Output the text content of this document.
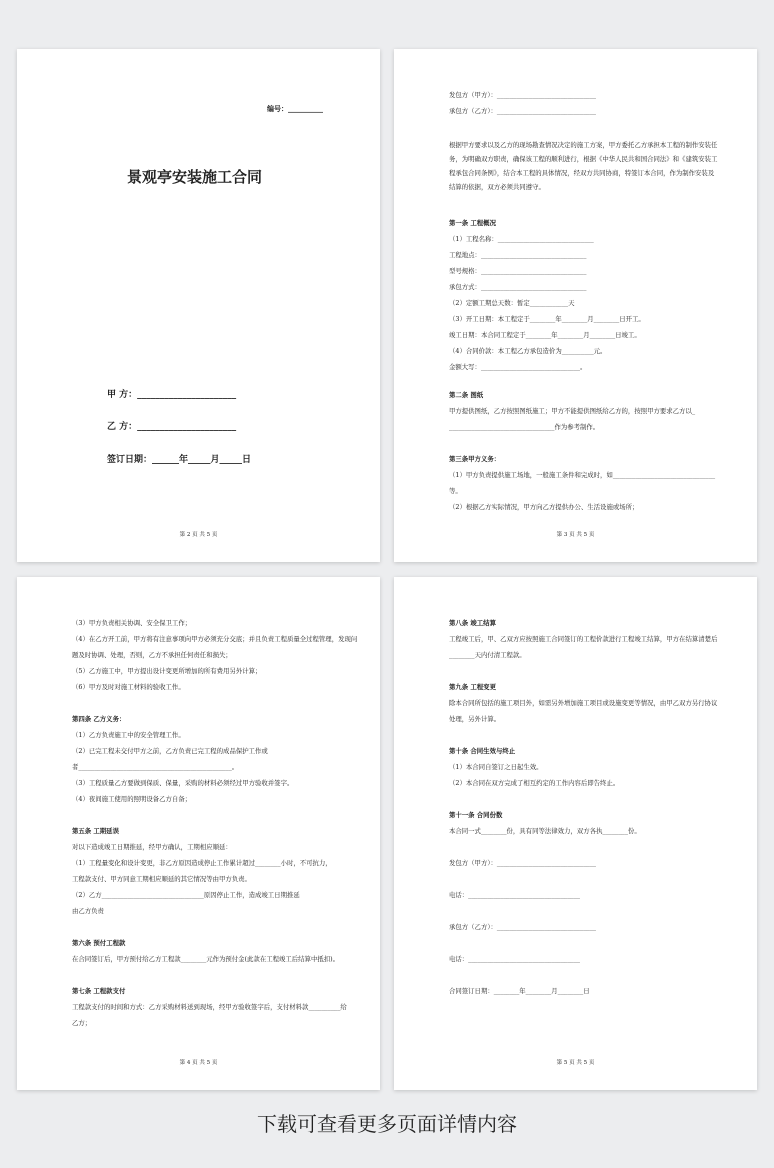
编号：__________
景观亭安装施工合同
甲 方：______________________
乙 方：______________________
签订日期：______年_____月_____日
第 2 页 共 5 页
发包方（甲方）：_______________________________
承包方（乙方）：_______________________________
根据甲方要求以及乙方的现场勘查情况决定的施工方案，甲方委托乙方承担本工程的制作安装任
务，为明确双方职责，确保该工程的顺利进行，根据《中华人民共和国合同法》和《建筑安装工
程承包合同条例》，结合本工程的具体情况，经双方共同协商，特签订本合同，作为制作安装及
结算的依据，双方必须共同遵守。
第一条 工程概况
（1）工程名称：______________________________
工程地点：_________________________________
型号规格：_________________________________
承包方式：_________________________________
（2）定额工期总天数：暂定____________天
（3）开工日期：本工程定于________年________月________日开工。
竣工日期：本合同工程定于________年________月________日竣工。
（4）合同价款：本工程乙方承包造价为__________元。
金额大写：_______________________________。
第二条 图纸
甲方提供图纸，乙方按照图纸施工；甲方不能提供图纸给乙方的，按照甲方要求乙方以_
_________________________________作为参考制作。
第三条甲方义务：
（1）甲方负责提供施工场地，一般施工条件和完成时，如________________________________
等。
（2）根据乙方实际情况，甲方向乙方提供办公、生活设施或场所；
第 3 页 共 5 页
（3）甲方负责相关协调、安全保卫工作；
（4）在乙方开工前，甲方将有注意事项向甲方必须充分交底；并且负责工程质量全过程管理，发现问
题及时协调、处理，否则，乙方不承担任何责任和损失；
（5）乙方施工中，甲方提出设计变更所增加的所有费用另外计算；
（6）甲方及时对施工材料的验收工作。
第四条 乙方义务：
（1）乙方负责施工中的安全管理工作。
（2）已完工程未交付甲方之前，乙方负责已完工程的成品保护工作或
者________________________________________________。
（3）工程质量乙方要做到保质、保量，采购的材料必须经过甲方验收并签字。
（4）夜间施工使用的照明设备乙方自备；
第五条 工期延误
对以下造成竣工日期推延，经甲方确认，工期相应顺延：
（1）工程量变化和设计变更，非乙方原因造成停止工作累计超过________小时，不可抗力，
工程款支付、甲方同意工期相应顺延的其它情况等由甲方负责。
（2）乙方________________________________原因停止工作，造成竣工日期推延
由乙方负责
第六条 预付工程款
在合同签订后，甲方预付给乙方工程款________元作为预付金(此款在工程竣工后结算中抵扣)。
第七条 工程款支付
工程款支付的时间和方式：乙方采购材料送到现场，经甲方验收签字后，支付材料款__________给
乙方；
第 4 页 共 5 页
第八条 竣工结算
工程竣工后，甲、乙双方应按照施工合同签订的工程价款进行工程竣工结算，甲方在结算清楚后
________天内付清工程款。
第九条 工程变更
除本合同所包括的施工项目外，如需另外增加施工项目或设施变更等情况，由甲乙双方另行协议
处理，另外计算。
第十条 合同生效与终止
（1）本合同自签订之日起生效。
（2）本合同在双方完成了相互约定的工作内容后即告终止。
第十一条 合同份数
本合同一式________份，具有同等法律效力，双方各执________份。
发包方（甲方）：_______________________________
电话：___________________________________
承包方（乙方）：_______________________________
电话：___________________________________
合同签订日期：________年________月________日
第 5 页 共 5 页
下载可查看更多页面详情内容
